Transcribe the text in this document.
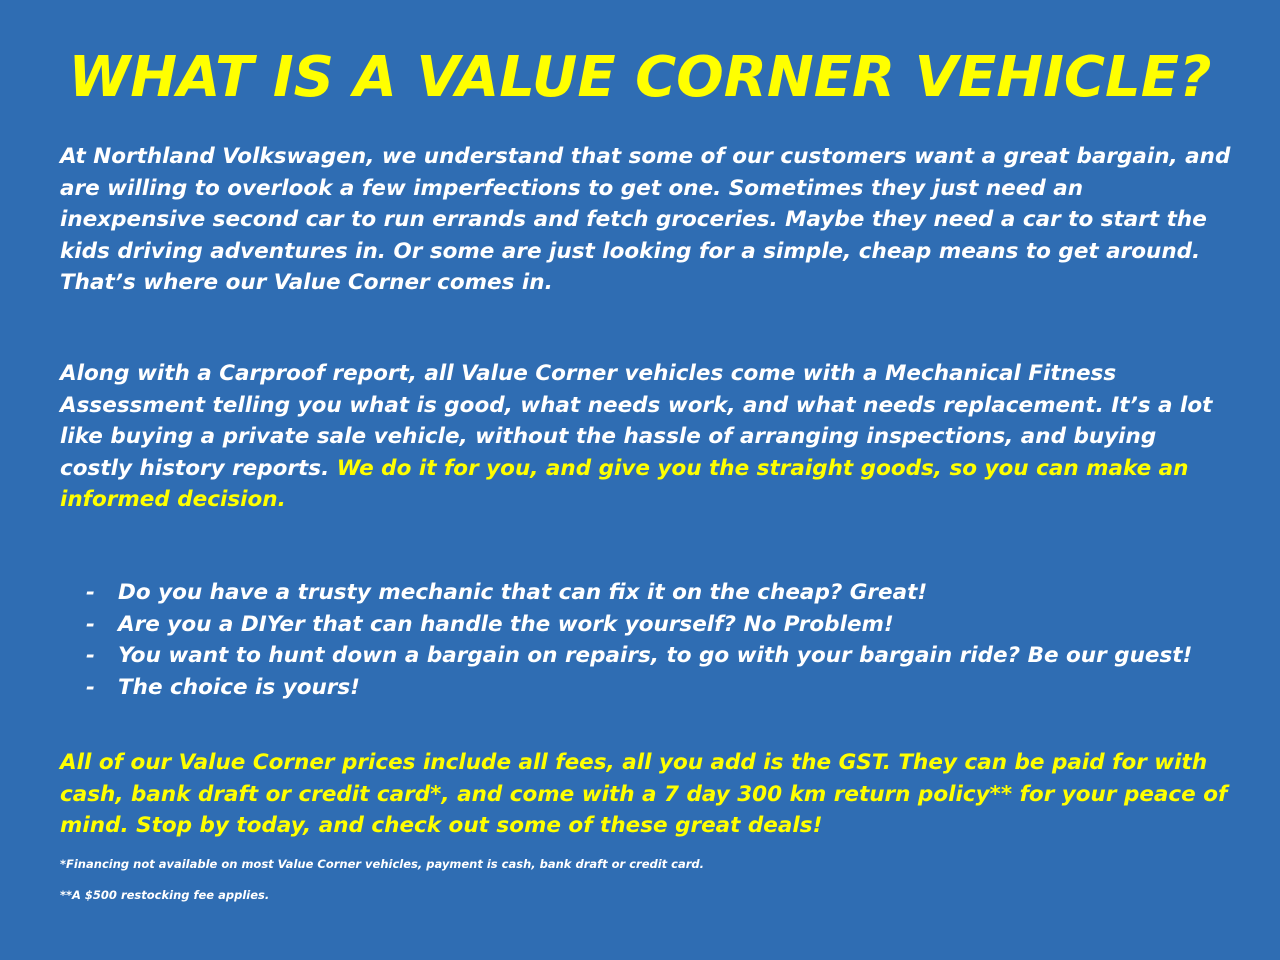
WHAT IS A VALUE CORNER VEHICLE?

At Northland Volkswagen, we understand that some of our customers want a great bargain, and are willing to overlook a few imperfections to get one. Sometimes they just need an inexpensive second car to run errands and fetch groceries. Maybe they need a car to start the kids driving adventures in. Or some are just looking for a simple, cheap means to get around. That’s where our Value Corner comes in.

Along with a Carproof report, all Value Corner vehicles come with a Mechanical Fitness Assessment telling you what is good, what needs work, and what needs replacement. It’s a lot like buying a private sale vehicle, without the hassle of arranging inspections, and buying costly history reports. We do it for you, and give you the straight goods, so you can make an informed decision.

- Do you have a trusty mechanic that can fix it on the cheap? Great!
- Are you a DIYer that can handle the work yourself? No Problem!
- You want to hunt down a bargain on repairs, to go with your bargain ride? Be our guest!
- The choice is yours!

All of our Value Corner prices include all fees, all you add is the GST. They can be paid for with cash, bank draft or credit card*, and come with a 7 day 300 km return policy** for your peace of mind. Stop by today, and check out some of these great deals!

*Financing not available on most Value Corner vehicles, payment is cash, bank draft or credit card.

**A $500 restocking fee applies.
